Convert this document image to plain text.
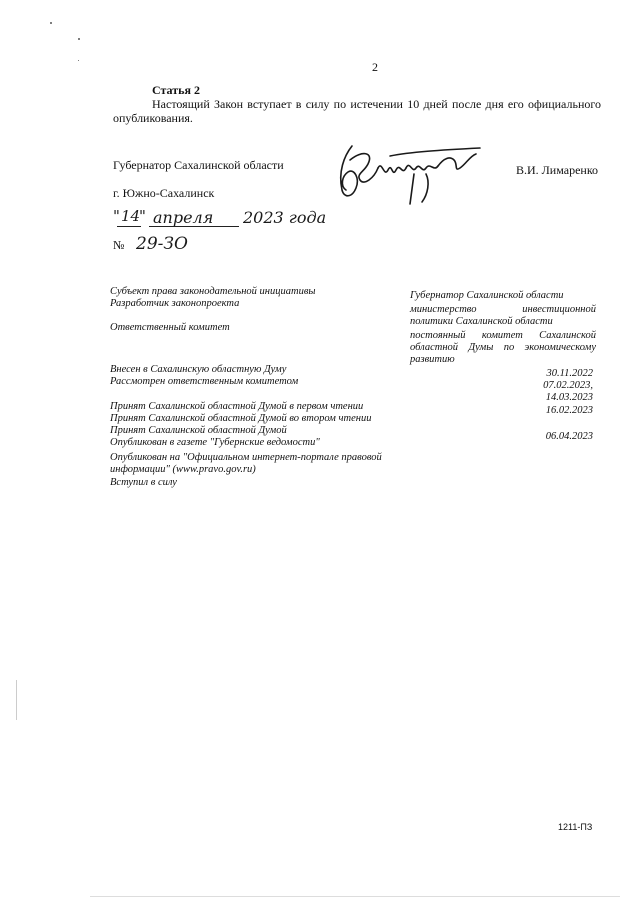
2
Статья 2
Настоящий Закон вступает в силу по истечении 10 дней после дня его официального
опубликования.
Губернатор Сахалинской области	В.И. Лимаренко
г. Южно-Сахалинск
" 14
" апреля 2023 года
№ 29-ЗО
Субъект права законодательной инициативы
Разработчик законопроекта
Ответственный комитет
Внесен в Сахалинскую областную Думу
Рассмотрен ответственным комитетом
Принят Сахалинской областной Думой в первом чтении
Принят Сахалинской областной Думой во втором чтении
Принят Сахалинской областной Думой
Опубликован в газете "Губернские ведомости"
Опубликован на "Официальном интернет-портале правовой
информации" (www.pravo.gov.ru)
Вступил в силу
Губернатор Сахалинской области
министерство инвестиционной
политики Сахалинской области
постоянный комитет Сахалинской
областной Думы по экономическому
развитию
30.11.2022
07.02.2023,
14.03.2023
16.02.2023
06.04.2023
1211-ПЗ
